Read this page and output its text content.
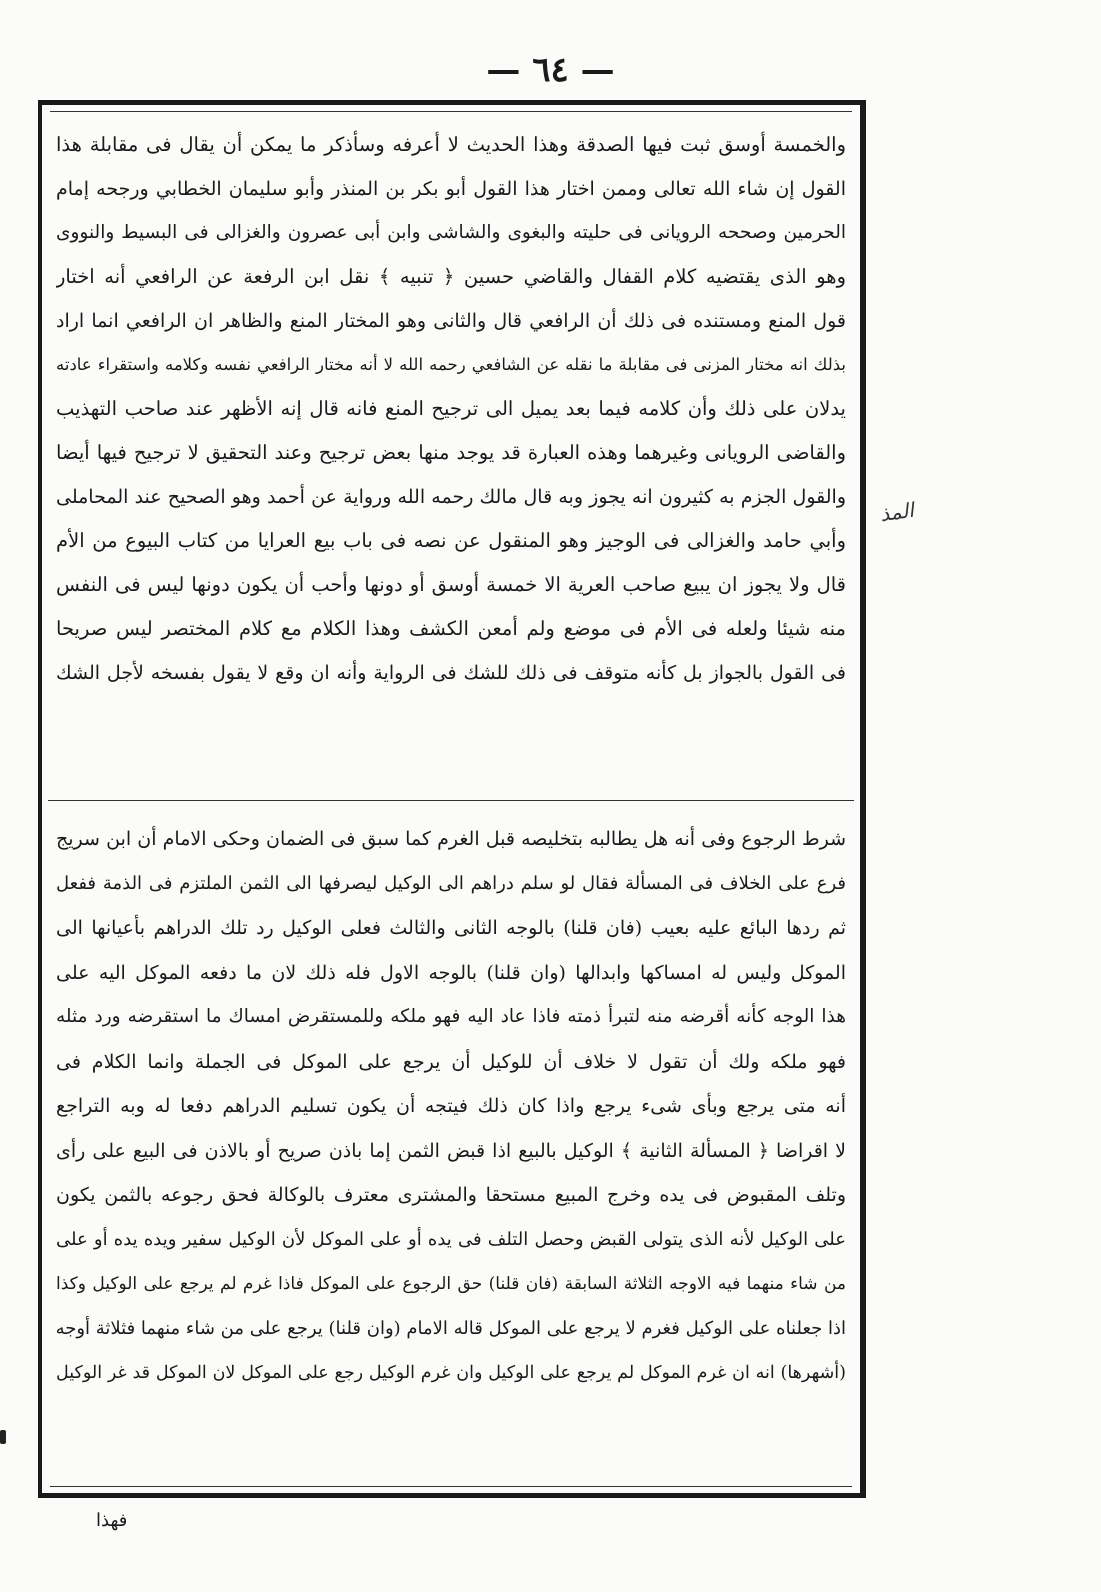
— ٦٤ —
والخمسة أوسق ثبت فيها الصدقة وهذا الحديث لا أعرفه وسأذكر ما يمكن أن يقال فى مقابلة هذا
القول إن شاء الله تعالى وممن اختار هذا القول أبو بكر بن المنذر وأبو سليمان الخطابي ورجحه إمام
الحرمين وصححه الرويانى فى حليته والبغوى والشاشى وابن أبى عصرون والغزالى فى البسيط والنووى
وهو الذى يقتضيه كلام القفال والقاضي حسين ﴿ تنبيه ﴾ نقل ابن الرفعة عن الرافعي أنه اختار
قول المنع ومستنده فى ذلك أن الرافعي قال والثانى وهو المختار المنع والظاهر ان الرافعي انما اراد
بذلك انه مختار المزنى فى مقابلة ما نقله عن الشافعي رحمه الله لا أنه مختار الرافعي نفسه وكلامه واستقراء عادته
يدلان على ذلك وأن كلامه فيما بعد يميل الى ترجيح المنع فانه قال إنه الأظهر عند صاحب التهذيب
والقاضى الرويانى وغيرهما وهذه العبارة قد يوجد منها بعض ترجيح وعند التحقيق لا ترجيح فيها أيضا
والقول الجزم به كثيرون انه يجوز وبه قال مالك رحمه الله ورواية عن أحمد وهو الصحيح عند المحاملى
وأبي حامد والغزالى فى الوجيز وهو المنقول عن نصه فى باب بيع العرايا من كتاب البيوع من الأم
قال ولا يجوز ان يبيع صاحب العرية الا خمسة أوسق أو دونها وأحب أن يكون دونها ليس فى النفس
منه شيئا ولعله فى الأم فى موضع ولم أمعن الكشف وهذا الكلام مع كلام المختصر ليس صريحا
فى القول بالجواز بل كأنه متوقف فى ذلك للشك فى الرواية وأنه ان وقع لا يقول بفسخه لأجل الشك
شرط الرجوع وفى أنه هل يطالبه بتخليصه قبل الغرم كما سبق فى الضمان وحكى الامام أن ابن سريج
فرع على الخلاف فى المسألة فقال لو سلم دراهم الى الوكيل ليصرفها الى الثمن الملتزم فى الذمة ففعل
ثم ردها البائع عليه بعيب (فان قلنا) بالوجه الثانى والثالث فعلى الوكيل رد تلك الدراهم بأعيانها الى
الموكل وليس له امساكها وابدالها (وان قلنا) بالوجه الاول فله ذلك لان ما دفعه الموكل اليه على
هذا الوجه كأنه أقرضه منه لتبرأ ذمته فاذا عاد اليه فهو ملكه وللمستقرض امساك ما استقرضه ورد مثله
فهو ملكه ولك أن تقول لا خلاف أن للوكيل أن يرجع على الموكل فى الجملة وانما الكلام فى
أنه متى يرجع وبأى شىء يرجع واذا كان ذلك فيتجه أن يكون تسليم الدراهم دفعا له وبه التراجع
لا اقراضا ﴿ المسألة الثانية ﴾ الوكيل بالبيع اذا قبض الثمن إما باذن صريح أو بالاذن فى البيع على رأى
وتلف المقبوض فى يده وخرج المبيع مستحقا والمشترى معترف بالوكالة فحق رجوعه بالثمن يكون
على الوكيل لأنه الذى يتولى القبض وحصل التلف فى يده أو على الموكل لأن الوكيل سفير ويده يده أو على
من شاء منهما فيه الاوجه الثلاثة السابقة (فان قلنا) حق الرجوع على الموكل فاذا غرم لم يرجع على الوكيل وكذا
اذا جعلناه على الوكيل فغرم لا يرجع على الموكل قاله الامام (وان قلنا) يرجع على من شاء منهما فثلاثة أوجه
(أشهرها) انه ان غرم الموكل لم يرجع على الوكيل وان غرم الوكيل رجع على الموكل لان الموكل قد غر الوكيل
المذ
فهذا
